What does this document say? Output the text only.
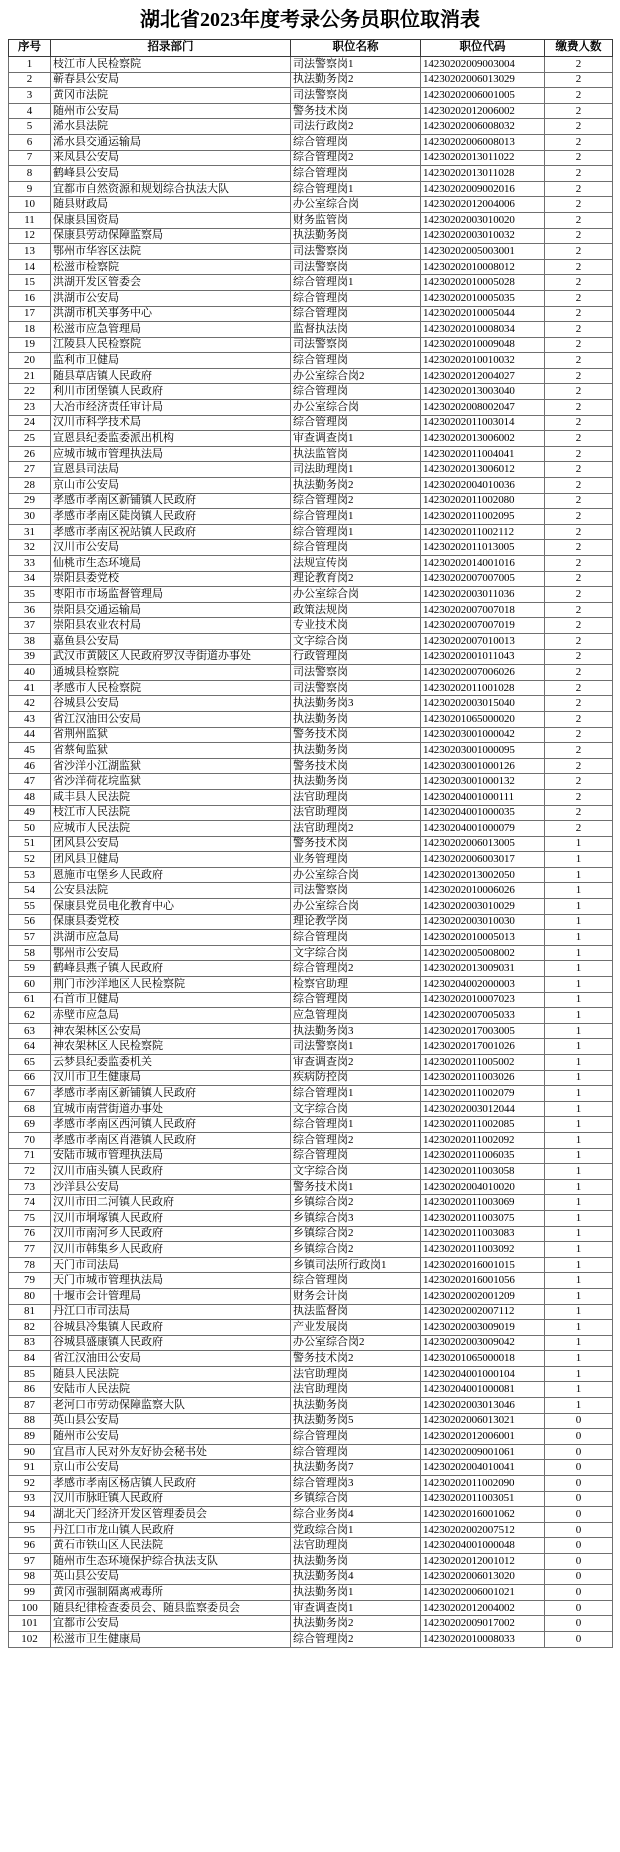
湖北省2023年度考录公务员职位取消表
序号	招录部门	职位名称	职位代码	缴费人数
1	枝江市人民检察院	司法警察岗1	14230202009003004	2
2	蕲春县公安局	执法勤务岗2	14230202006013029	2
3	黄冈市法院	司法警察岗	14230202006001005	2
4	随州市公安局	警务技术岗	14230202012006002	2
5	浠水县法院	司法行政岗2	14230202006008032	2
6	浠水县交通运输局	综合管理岗	14230202006008013	2
7	来凤县公安局	综合管理岗2	14230202013011022	2
8	鹤峰县公安局	综合管理岗	14230202013011028	2
9	宜都市自然资源和规划综合执法大队	综合管理岗1	14230202009002016	2
10	随县财政局	办公室综合岗	14230202012004006	2
11	保康县国资局	财务监管岗	14230202003010020	2
12	保康县劳动保障监察局	执法勤务岗	14230202003010032	2
13	鄂州市华容区法院	司法警察岗	14230202005003001	2
14	松滋市检察院	司法警察岗	14230202010008012	2
15	洪湖开发区管委会	综合管理岗1	14230202010005028	2
16	洪湖市公安局	综合管理岗	14230202010005035	2
17	洪湖市机关事务中心	综合管理岗	14230202010005044	2
18	松滋市应急管理局	监督执法岗	14230202010008034	2
19	江陵县人民检察院	司法警察岗	14230202010009048	2
20	监利市卫健局	综合管理岗	14230202010010032	2
21	随县草店镇人民政府	办公室综合岗2	14230202012004027	2
22	利川市团堡镇人民政府	综合管理岗	14230202013003040	2
23	大冶市经济责任审计局	办公室综合岗	14230202008002047	2
24	汉川市科学技术局	综合管理岗	14230202011003014	2
25	宣恩县纪委监委派出机构	审查调查岗1	14230202013006002	2
26	应城市城市管理执法局	执法监管岗	14230202011004041	2
27	宣恩县司法局	司法助理岗1	14230202013006012	2
28	京山市公安局	执法勤务岗2	14230202004010036	2
29	孝感市孝南区新铺镇人民政府	综合管理岗2	14230202011002080	2
30	孝感市孝南区陡岗镇人民政府	综合管理岗1	14230202011002095	2
31	孝感市孝南区祝站镇人民政府	综合管理岗1	14230202011002112	2
32	汉川市公安局	综合管理岗	14230202011013005	2
33	仙桃市生态环境局	法规宣传岗	14230202014001016	2
34	崇阳县委党校	理论教育岗2	14230202007007005	2
35	枣阳市市场监督管理局	办公室综合岗	14230202003011036	2
36	崇阳县交通运输局	政策法规岗	14230202007007018	2
37	崇阳县农业农村局	专业技术岗	14230202007007019	2
38	嘉鱼县公安局	文字综合岗	14230202007010013	2
39	武汉市黄陂区人民政府罗汉寺街道办事处	行政管理岗	14230202001011043	2
40	通城县检察院	司法警察岗	14230202007006026	2
41	孝感市人民检察院	司法警察岗	14230202011001028	2
42	谷城县公安局	执法勤务岗3	14230202003015040	2
43	省江汉油田公安局	执法勤务岗	14230201065000020	2
44	省荆州监狱	警务技术岗	14230203001000042	2
45	省蔡甸监狱	执法勤务岗	14230203001000095	2
46	省沙洋小江湖监狱	警务技术岗	14230203001000126	2
47	省沙洋荷花垸监狱	执法勤务岗	14230203001000132	2
48	咸丰县人民法院	法官助理岗	14230204001000111	2
49	枝江市人民法院	法官助理岗	14230204001000035	2
50	应城市人民法院	法官助理岗2	14230204001000079	2
51	团风县公安局	警务技术岗	14230202006013005	1
52	团风县卫健局	业务管理岗	14230202006003017	1
53	恩施市屯堡乡人民政府	办公室综合岗	14230202013002050	1
54	公安县法院	司法警察岗	14230202010006026	1
55	保康县党员电化教育中心	办公室综合岗	14230202003010029	1
56	保康县委党校	理论教学岗	14230202003010030	1
57	洪湖市应急局	综合管理岗	14230202010005013	1
58	鄂州市公安局	文字综合岗	14230202005008002	1
59	鹤峰县燕子镇人民政府	综合管理岗2	14230202013009031	1
60	荆门市沙洋地区人民检察院	检察官助理	14230204002000003	1
61	石首市卫健局	综合管理岗	14230202010007023	1
62	赤壁市应急局	应急管理岗	14230202007005033	1
63	神农架林区公安局	执法勤务岗3	14230202017003005	1
64	神农架林区人民检察院	司法警察岗1	14230202017001026	1
65	云梦县纪委监委机关	审查调查岗2	14230202011005002	1
66	汉川市卫生健康局	疾病防控岗	14230202011003026	1
67	孝感市孝南区新铺镇人民政府	综合管理岗1	14230202011002079	1
68	宜城市南营街道办事处	文字综合岗	14230202003012044	1
69	孝感市孝南区西河镇人民政府	综合管理岗1	14230202011002085	1
70	孝感市孝南区肖港镇人民政府	综合管理岗2	14230202011002092	1
71	安陆市城市管理执法局	综合管理岗	14230202011006035	1
72	汉川市庙头镇人民政府	文字综合岗	14230202011003058	1
73	沙洋县公安局	警务技术岗1	14230202004010020	1
74	汉川市田二河镇人民政府	乡镇综合岗2	14230202011003069	1
75	汉川市垌塚镇人民政府	乡镇综合岗3	14230202011003075	1
76	汉川市南河乡人民政府	乡镇综合岗2	14230202011003083	1
77	汉川市韩集乡人民政府	乡镇综合岗2	14230202011003092	1
78	天门市司法局	乡镇司法所行政岗1	14230202016001015	1
79	天门市城市管理执法局	综合管理岗	14230202016001056	1
80	十堰市会计管理局	财务会计岗	14230202002001209	1
81	丹江口市司法局	执法监督岗	14230202002007112	1
82	谷城县冷集镇人民政府	产业发展岗	14230202003009019	1
83	谷城县盛康镇人民政府	办公室综合岗2	14230202003009042	1
84	省江汉油田公安局	警务技术岗2	14230201065000018	1
85	随县人民法院	法官助理岗	14230204001000104	1
86	安陆市人民法院	法官助理岗	14230204001000081	1
87	老河口市劳动保障监察大队	执法勤务岗	14230202003013046	1
88	英山县公安局	执法勤务岗5	14230202006013021	0
89	随州市公安局	综合管理岗	14230202012006001	0
90	宜昌市人民对外友好协会秘书处	综合管理岗	14230202009001061	0
91	京山市公安局	执法勤务岗7	14230202004010041	0
92	孝感市孝南区杨店镇人民政府	综合管理岗3	14230202011002090	0
93	汉川市脉旺镇人民政府	乡镇综合岗	14230202011003051	0
94	湖北天门经济开发区管理委员会	综合业务岗4	14230202016001062	0
95	丹江口市龙山镇人民政府	党政综合岗1	14230202002007512	0
96	黄石市铁山区人民法院	法官助理岗	14230204001000048	0
97	随州市生态环境保护综合执法支队	执法勤务岗	14230202012001012	0
98	英山县公安局	执法勤务岗4	14230202006013020	0
99	黄冈市强制隔离戒毒所	执法勤务岗1	14230202006001021	0
100	随县纪律检查委员会、随县监察委员会	审查调查岗1	14230202012004002	0
101	宜都市公安局	执法勤务岗2	14230202009017002	0
102	松滋市卫生健康局	综合管理岗2	14230202010008033	0
